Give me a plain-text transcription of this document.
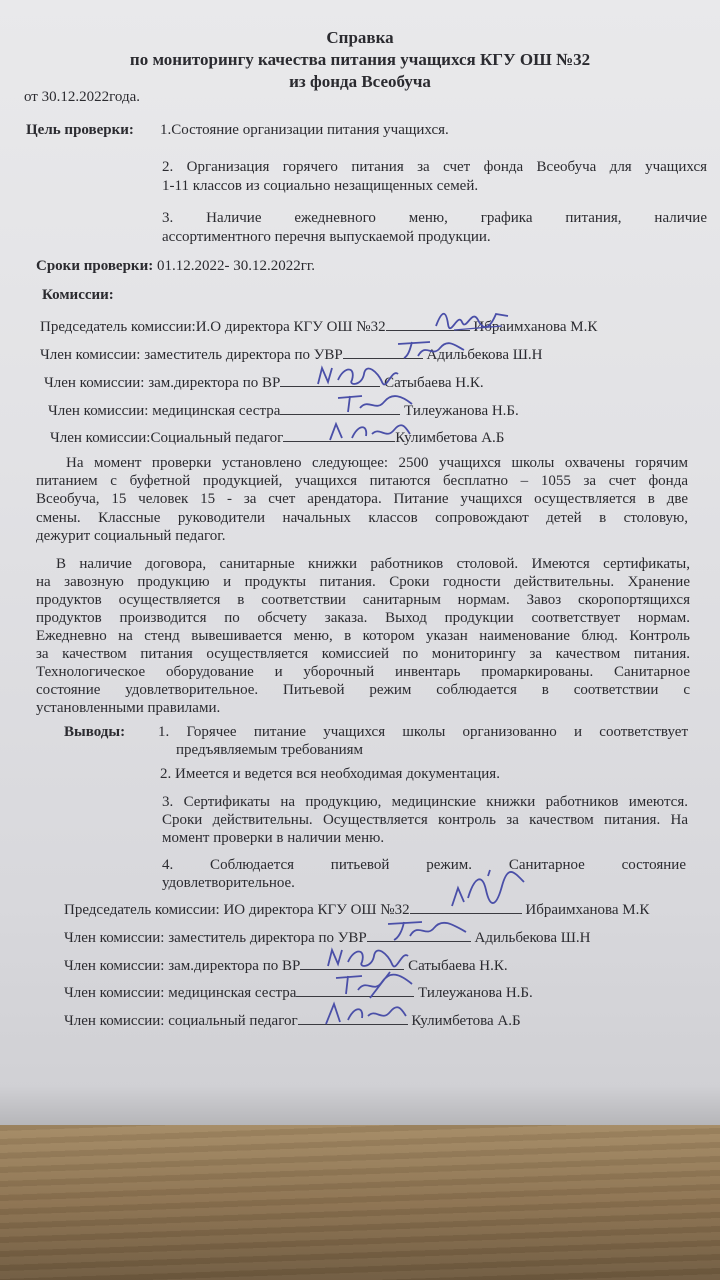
Справка
по мониторингу качества питания учащихся КГУ ОШ №32
из фонда Всеобуча
от 30.12.2022года.
Цель проверки: 1.Состояние организации питания учащихся.
2. Организация горячего питания за счет фонда Всеобуча для учащихся
1-11 классов из социально незащищенных семей.
3. Наличие ежедневного меню, графика питания, наличие
ассортиментного перечня выпускаемой продукции.
Сроки проверки: 01.12.2022- 30.12.2022гг.
Комиссии:
Председатель комиссии:И.О директора КГУ ОШ №32	Ибраимханова М.К
Член комиссии: заместитель директора по УВР	Адильбекова Ш.Н
Член комиссии: зам.директора по ВР	Сатыбаева Н.К.
Член комиссии: медицинская сестра	Тилеужанова Н.Б.
Член комиссии:Социальный педагог	Кулимбетова А.Б
На момент проверки установлено следующее: 2500 учащихся школы охвачены горячим
питанием с буфетной продукцией, учащихся питаются бесплатно – 1055 за счет фонда
Всеобуча, 15 человек 15 - за счет арендатора. Питание учащихся осуществляется в две
смены. Классные руководители начальных классов сопровождают детей в столовую,
дежурит социальный педагог.
В наличие договора, санитарные книжки работников столовой. Имеются сертификаты,
на завозную продукцию и продукты питания. Сроки годности действительны. Хранение
продуктов осуществляется в соответствии санитарным нормам. Завоз скоропортящихся
продуктов производится по обсчету заказа. Выход продукции соответствует нормам.
Ежедневно на стенд вывешивается меню, в котором указан наименование блюд. Контроль
за качеством питания осуществляется комиссией по мониторингу за качеством питания.
Технологическое оборудование и уборочный инвентарь промаркированы. Санитарное
состояние удовлетворительное. Питьевой режим соблюдается в соответствии с
установленными правилами.
Выводы: 1. Горячее питание учащихся школы организованно и соответствует
предъявляемым требованиям
2. Имеется и ведется вся необходимая документация.
3. Сертификаты на продукцию, медицинские книжки работников имеются.
Сроки действительны. Осуществляется контроль за качеством питания. На
момент проверки в наличии меню.
4. Соблюдается питьевой режим. Санитарное состояние
удовлетворительное.
Председатель комиссии: ИО директора КГУ ОШ №32	Ибраимханова М.К
Член комиссии: заместитель директора по УВР	Адильбекова Ш.Н
Член комиссии: зам.директора по ВР	Сатыбаева Н.К.
Член комиссии: медицинская сестра	Тилеужанова Н.Б.
Член комиссии: социальный педагог	Кулимбетова А.Б
